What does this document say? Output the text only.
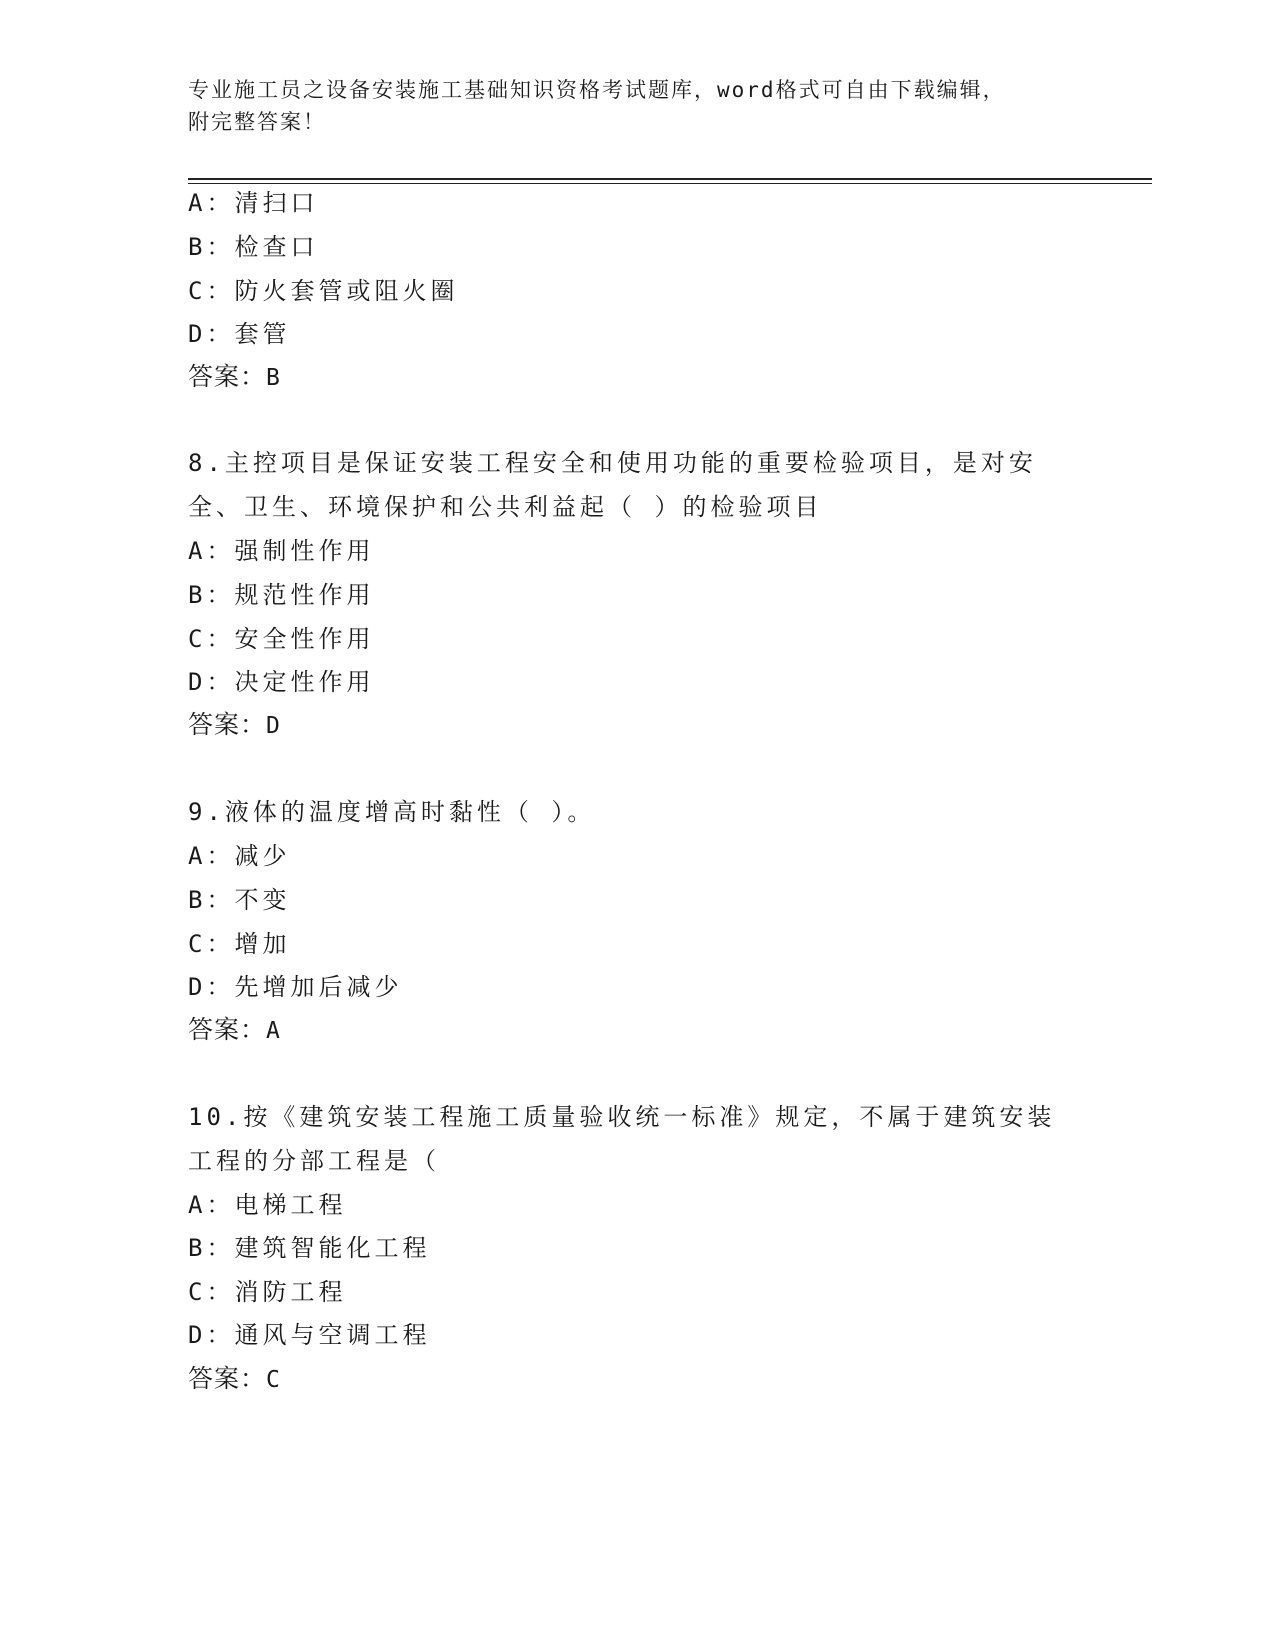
专业施工员之设备安装施工基础知识资格考试题库，word格式可自由下载编辑，
附完整答案！
A：清扫口
B：检查口
C：防火套管或阻火圈
D：套管
答案：B
8.主控项目是保证安装工程安全和使用功能的重要检验项目，是对安
全、卫生、环境保护和公共利益起（ ）的检验项目
A：强制性作用
B：规范性作用
C：安全性作用
D：决定性作用
答案：D
9.液体的温度增高时黏性（ ）。
A：减少
B：不变
C：增加
D：先增加后减少
答案：A
10.按《建筑安装工程施工质量验收统一标准》规定，不属于建筑安装
工程的分部工程是（
A：电梯工程
B：建筑智能化工程
C：消防工程
D：通风与空调工程
答案：C
